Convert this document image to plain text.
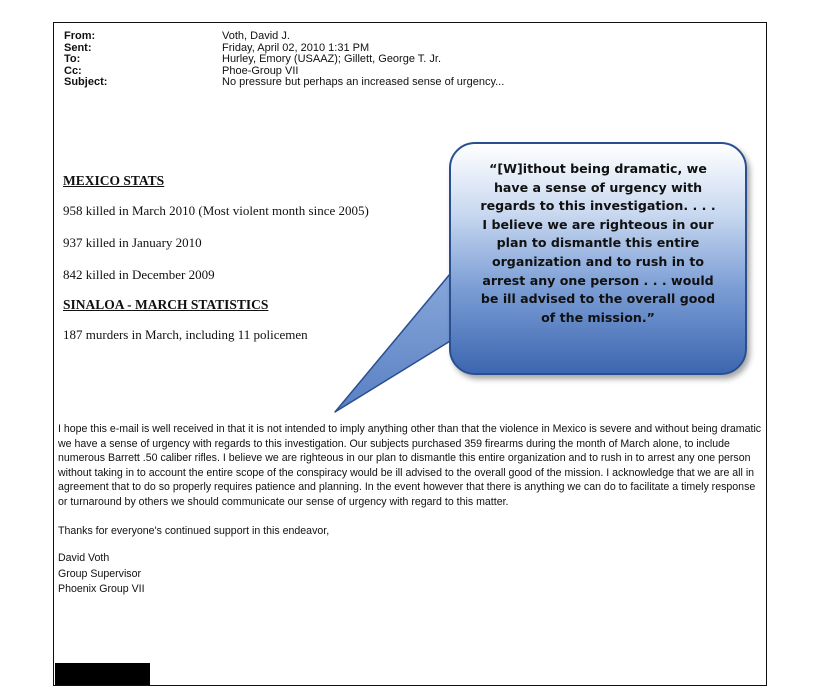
From:	Voth, David J.
Sent:	Friday, April 02, 2010 1:31 PM
To:	Hurley, Emory (USAAZ); Gillett, George T. Jr.
Cc:	Phoe-Group VII
Subject:	No pressure but perhaps an increased sense of urgency...

MEXICO STATS

958 killed in March 2010 (Most violent month since 2005)

937 killed in January 2010

842 killed in December 2009

SINALOA - MARCH STATISTICS

187 murders in March, including 11 policemen

I hope this e-mail is well received in that it is not intended to imply anything other than that the violence in Mexico is severe and without being dramatic we have a sense of urgency with regards to this investigation. Our subjects purchased 359 firearms during the month of March alone, to include numerous Barrett .50 caliber rifles. I believe we are righteous in our plan to dismantle this entire organization and to rush in to arrest any one person without taking in to account the entire scope of the conspiracy would be ill advised to the overall good of the mission. I acknowledge that we are all in agreement that to do so properly requires patience and planning. In the event however that there is anything we can do to facilitate a timely response or turnaround by others we should communicate our sense of urgency with regard to this matter.

Thanks for everyone's continued support in this endeavor,

David Voth
Group Supervisor
Phoenix Group VII
“[W]ithout being dramatic, we
have a sense of urgency with
regards to this investigation. . . .
I believe we are righteous in our
plan to dismantle this entire
organization and to rush in to
arrest any one person . . . would
be ill advised to the overall good
of the mission.”
